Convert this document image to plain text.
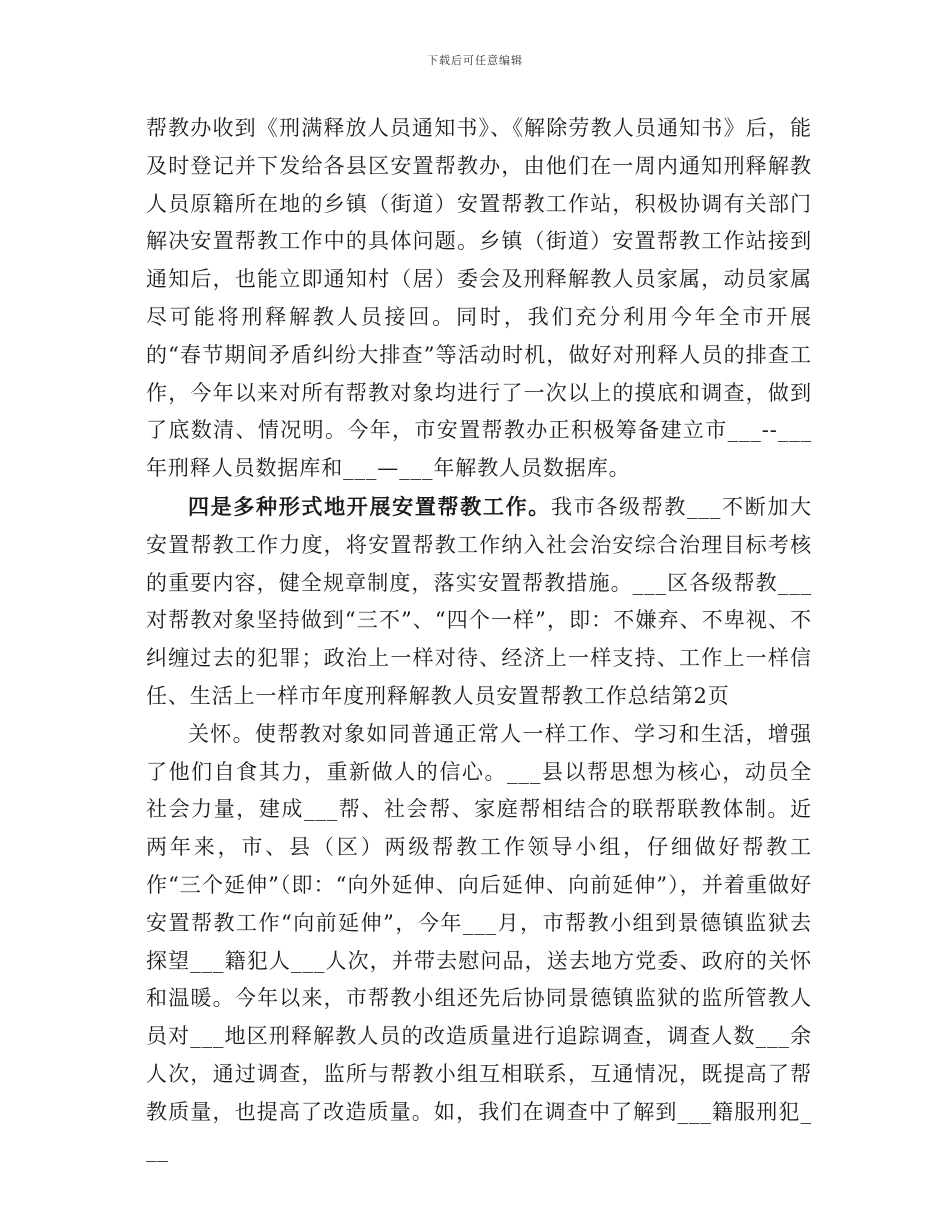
下载后可任意编辑

帮教办收到《刑满释放人员通知书》、《解除劳教人员通知书》后，能及时登记并下发给各县区安置帮教办，由他们在一周内通知刑释解教人员原籍所在地的乡镇（街道）安置帮教工作站，积极协调有关部门解决安置帮教工作中的具体问题。乡镇（街道）安置帮教工作站接到通知后，也能立即通知村（居）委会及刑释解教人员家属，动员家属尽可能将刑释解教人员接回。同时，我们充分利用今年全市开展的“春节期间矛盾纠纷大排查”等活动时机，做好对刑释人员的排查工作，今年以来对所有帮教对象均进行了一次以上的摸底和调查，做到了底数清、情况明。今年，市安置帮教办正积极筹备建立市___--___年刑释人员数据库和___—___年解教人员数据库。

四是多种形式地开展安置帮教工作。我市各级帮教___不断加大安置帮教工作力度，将安置帮教工作纳入社会治安综合治理目标考核的重要内容，健全规章制度，落实安置帮教措施。___区各级帮教___对帮教对象坚持做到“三不”、“四个一样”，即：不嫌弃、不卑视、不纠缠过去的犯罪；政治上一样对待、经济上一样支持、工作上一样信任、生活上一样市年度刑释解教人员安置帮教工作总结第2页

关怀。使帮教对象如同普通正常人一样工作、学习和生活，增强了他们自食其力，重新做人的信心。___县以帮思想为核心，动员全社会力量，建成___帮、社会帮、家庭帮相结合的联帮联教体制。近两年来，市、县（区）两级帮教工作领导小组，仔细做好帮教工作“三个延伸”（即：“向外延伸、向后延伸、向前延伸”），并着重做好安置帮教工作“向前延伸”，今年___月，市帮教小组到景德镇监狱去探望___籍犯人___人次，并带去慰问品，送去地方党委、政府的关怀和温暖。今年以来，市帮教小组还先后协同景德镇监狱的监所管教人员对___地区刑释解教人员的改造质量进行追踪调查，调查人数___余人次，通过调查，监所与帮教小组互相联系，互通情况，既提高了帮教质量，也提高了改造质量。如，我们在调查中了解到___籍服刑犯___
